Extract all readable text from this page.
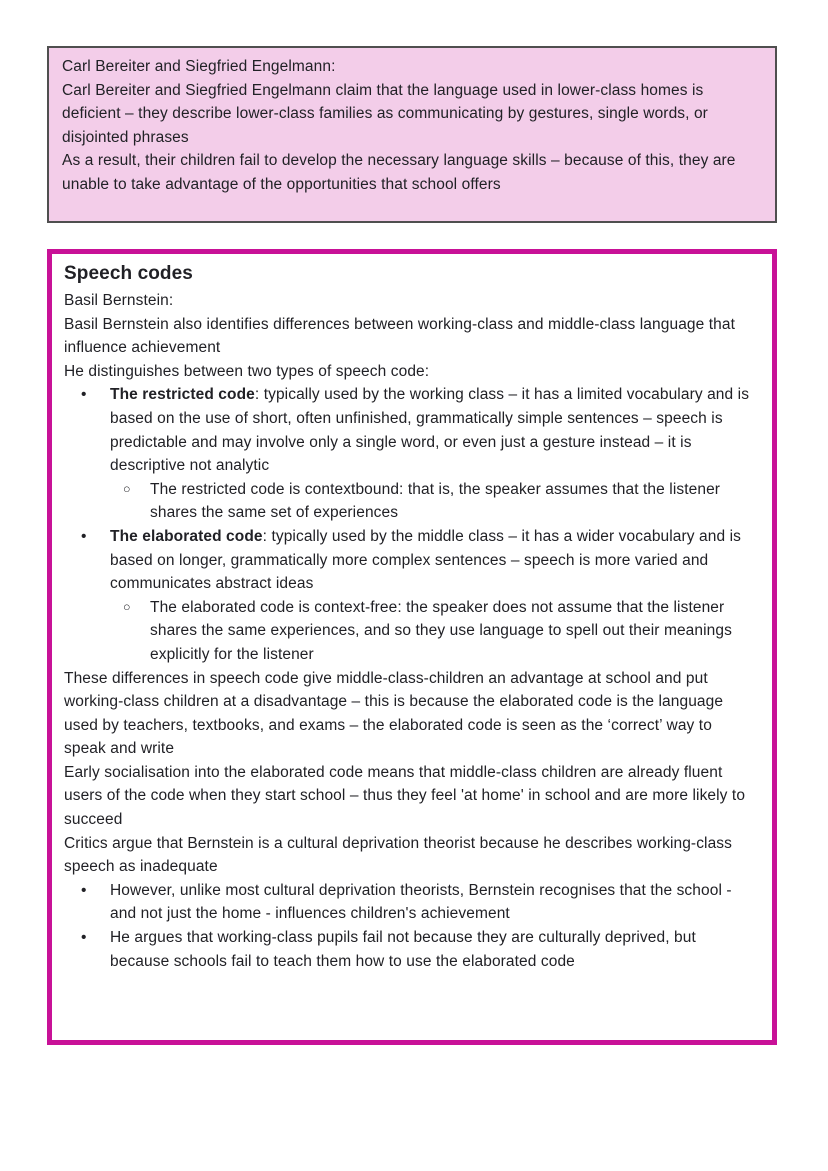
Carl Bereiter and Siegfried Engelmann:

Carl Bereiter and Siegfried Engelmann claim that the language used in lower-class homes is deficient – they describe lower-class families as communicating by gestures, single words, or disjointed phrases

As a result, their children fail to develop the necessary language skills – because of this, they are unable to take advantage of the opportunities that school offers

Speech codes

Basil Bernstein:

Basil Bernstein also identifies differences between working-class and middle-class language that influence achievement

He distinguishes between two types of speech code:

•	The restricted code: typically used by the working class – it has a limited vocabulary and is based on the use of short, often unfinished, grammatically simple sentences – speech is predictable and may involve only a single word, or even just a gesture instead – it is descriptive not analytic

○	The restricted code is contextbound: that is, the speaker assumes that the listener shares the same set of experiences

•	The elaborated code: typically used by the middle class – it has a wider vocabulary and is based on longer, grammatically more complex sentences – speech is more varied and communicates abstract ideas

○	The elaborated code is context-free: the speaker does not assume that the listener shares the same experiences, and so they use language to spell out their meanings explicitly for the listener

These differences in speech code give middle-class-children an advantage at school and put working-class children at a disadvantage – this is because the elaborated code is the language used by teachers, textbooks, and exams – the elaborated code is seen as the ‘correct’ way to speak and write

Early socialisation into the elaborated code means that middle-class children are already fluent users of the code when they start school – thus they feel 'at home' in school and are more likely to succeed

Critics argue that Bernstein is a cultural deprivation theorist because he describes working-class speech as inadequate

•	However, unlike most cultural deprivation theorists, Bernstein recognises that the school - and not just the home - influences children's achievement

•	He argues that working-class pupils fail not because they are culturally deprived, but because schools fail to teach them how to use the elaborated code
